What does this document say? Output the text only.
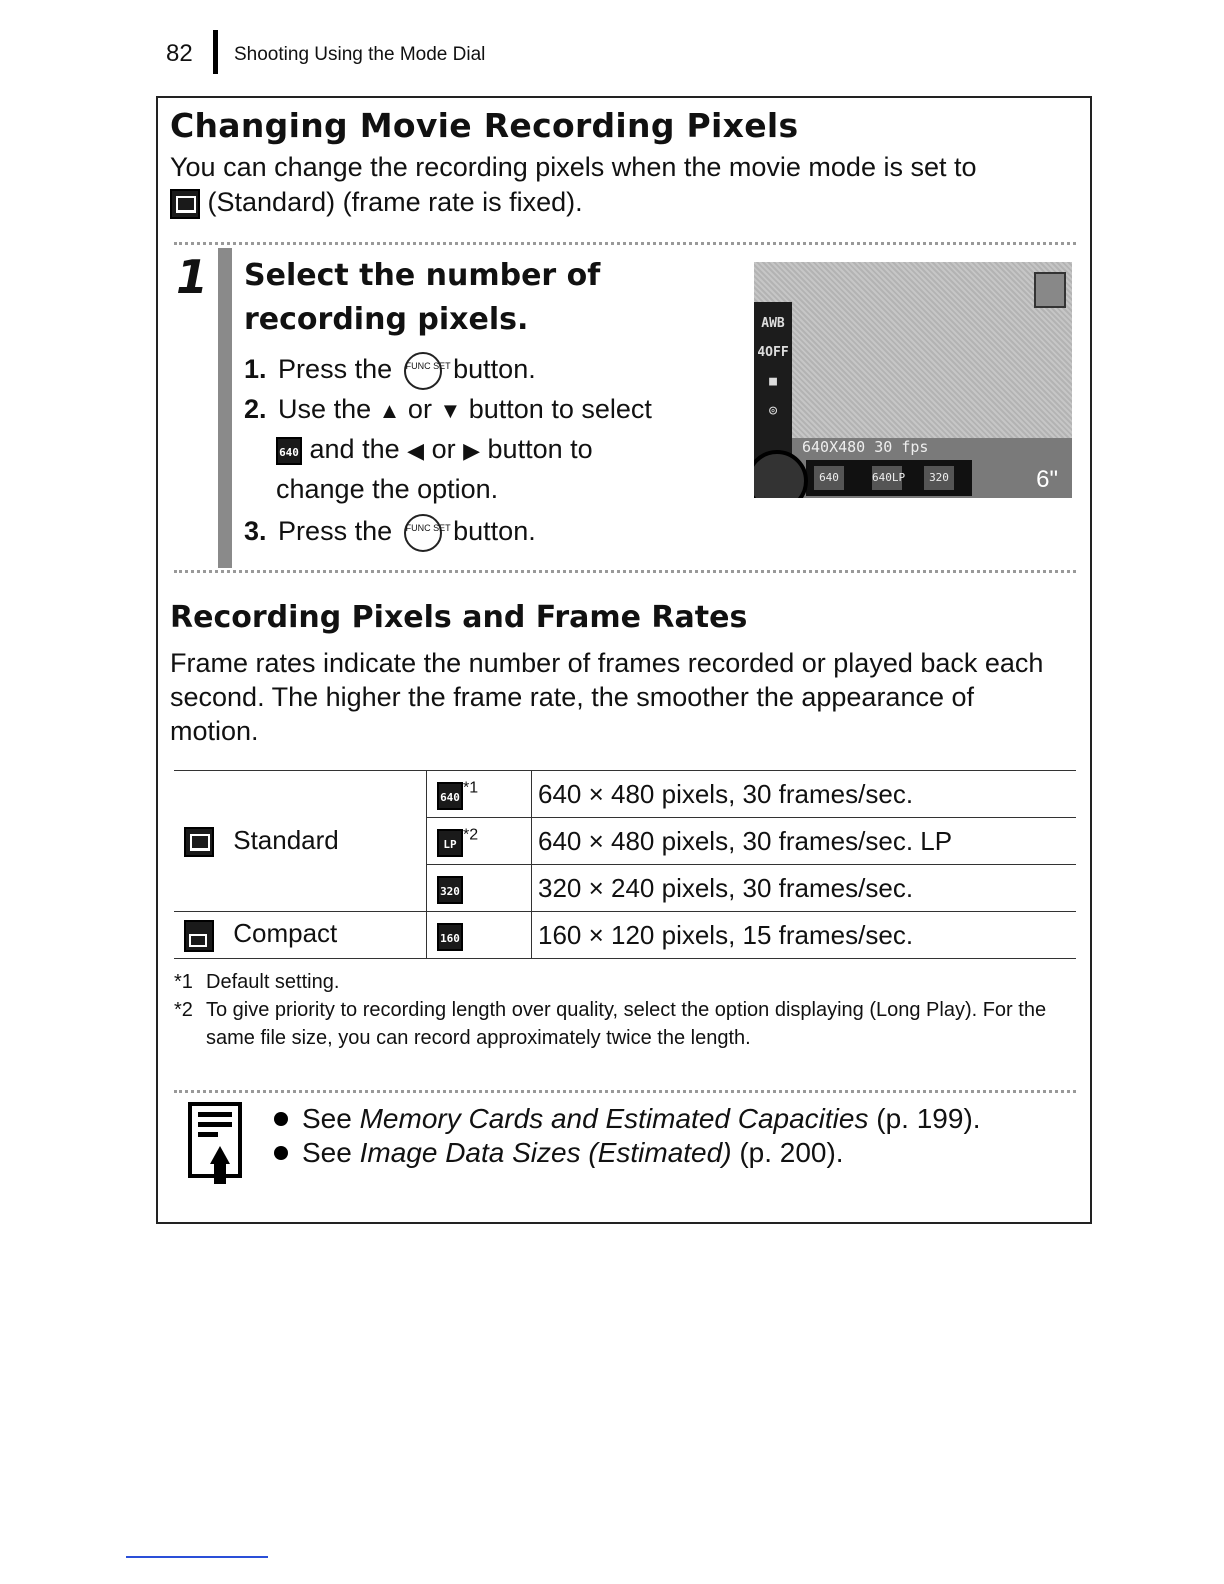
82 Shooting Using the Mode Dial
Changing Movie Recording Pixels
You can change the recording pixels when the movie mode is set to
(Standard) (frame rate is fixed).
1 Select the number of recording pixels.
1. Press the FUNC SET button.
2. Use the ▲ or ▼ button to select
640 and the ◀ or ▶ button to
change the option.
3. Press the FUNC SET button.
AWB
4OFF
■
◎
640X480 30 fps
640	640LP	320	6"
Recording Pixels and Frame Rates
Frame rates indicate the number of frames recorded or played back each second. The higher the frame rate, the smoother the appearance of motion.
Standard	640$^{*1}$	640 × 480 pixels, 30 frames/sec.
	LP$^{*2}$	640 × 480 pixels, 30 frames/sec. LP
	320	320 × 240 pixels, 30 frames/sec.
Compact	160	160 × 120 pixels, 15 frames/sec.
*1 Default setting.
*2 To give priority to recording length over quality, select the option displaying (Long Play). For the same file size, you can record approximately twice the length.
See Memory Cards and Estimated Capacities (p. 199).
See Image Data Sizes (Estimated) (p. 200).
